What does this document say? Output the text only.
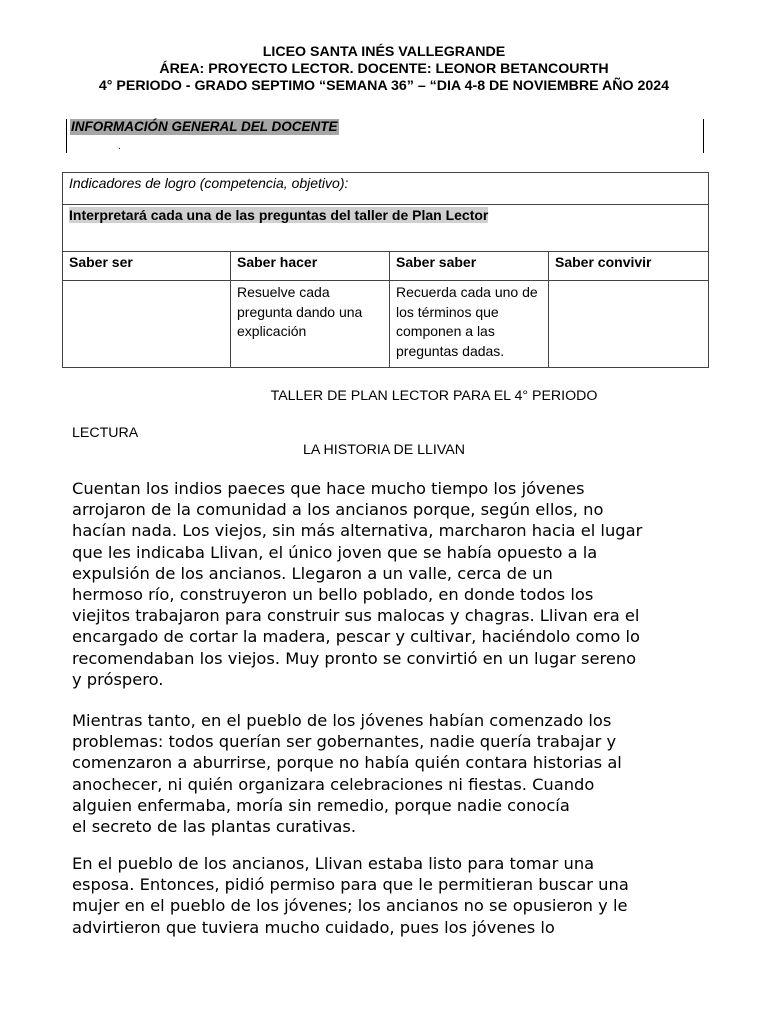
LICEO SANTA INÉS VALLEGRANDE
ÁREA: PROYECTO LECTOR. DOCENTE: LEONOR BETANCOURTH
4° PERIODO - GRADO SEPTIMO “SEMANA 36” – “DIA 4-8 DE NOVIEMBRE AÑO 2024
INFORMACIÓN GENERAL DEL DOCENTE
.
Indicadores de logro (competencia, objetivo):			
Interpretará cada una de las preguntas del taller de Plan Lector			
Saber ser	Saber hacer	Saber saber	Saber convivir
	Resuelve cada pregunta dando una explicación	Recuerda cada uno de los términos que componen a las preguntas dadas.	
TALLER DE PLAN LECTOR PARA EL 4° PERIODO
LECTURA
LA HISTORIA DE LLIVAN
Cuentan los indios paeces que hace mucho tiempo los jóvenes
arrojaron de la comunidad a los ancianos porque, según ellos, no
hacían nada. Los viejos, sin más alternativa, marcharon hacia el lugar
que les indicaba Llivan, el único joven que se había opuesto a la
expulsión de los ancianos. Llegaron a un valle, cerca de un
hermoso río, construyeron un bello poblado, en donde todos los
viejitos trabajaron para construir sus malocas y chagras. Llivan era el
encargado de cortar la madera, pescar y cultivar, haciéndolo como lo
recomendaban los viejos. Muy pronto se convirtió en un lugar sereno
y próspero.
Mientras tanto, en el pueblo de los jóvenes habían comenzado los
problemas: todos querían ser gobernantes, nadie quería trabajar y
comenzaron a aburrirse, porque no había quién contara historias al
anochecer, ni quién organizara celebraciones ni fiestas. Cuando
alguien enfermaba, moría sin remedio, porque nadie conocía
el secreto de las plantas curativas.
En el pueblo de los ancianos, Llivan estaba listo para tomar una
esposa. Entonces, pidió permiso para que le permitieran buscar una
mujer en el pueblo de los jóvenes; los ancianos no se opusieron y le
advirtieron que tuviera mucho cuidado, pues los jóvenes lo
